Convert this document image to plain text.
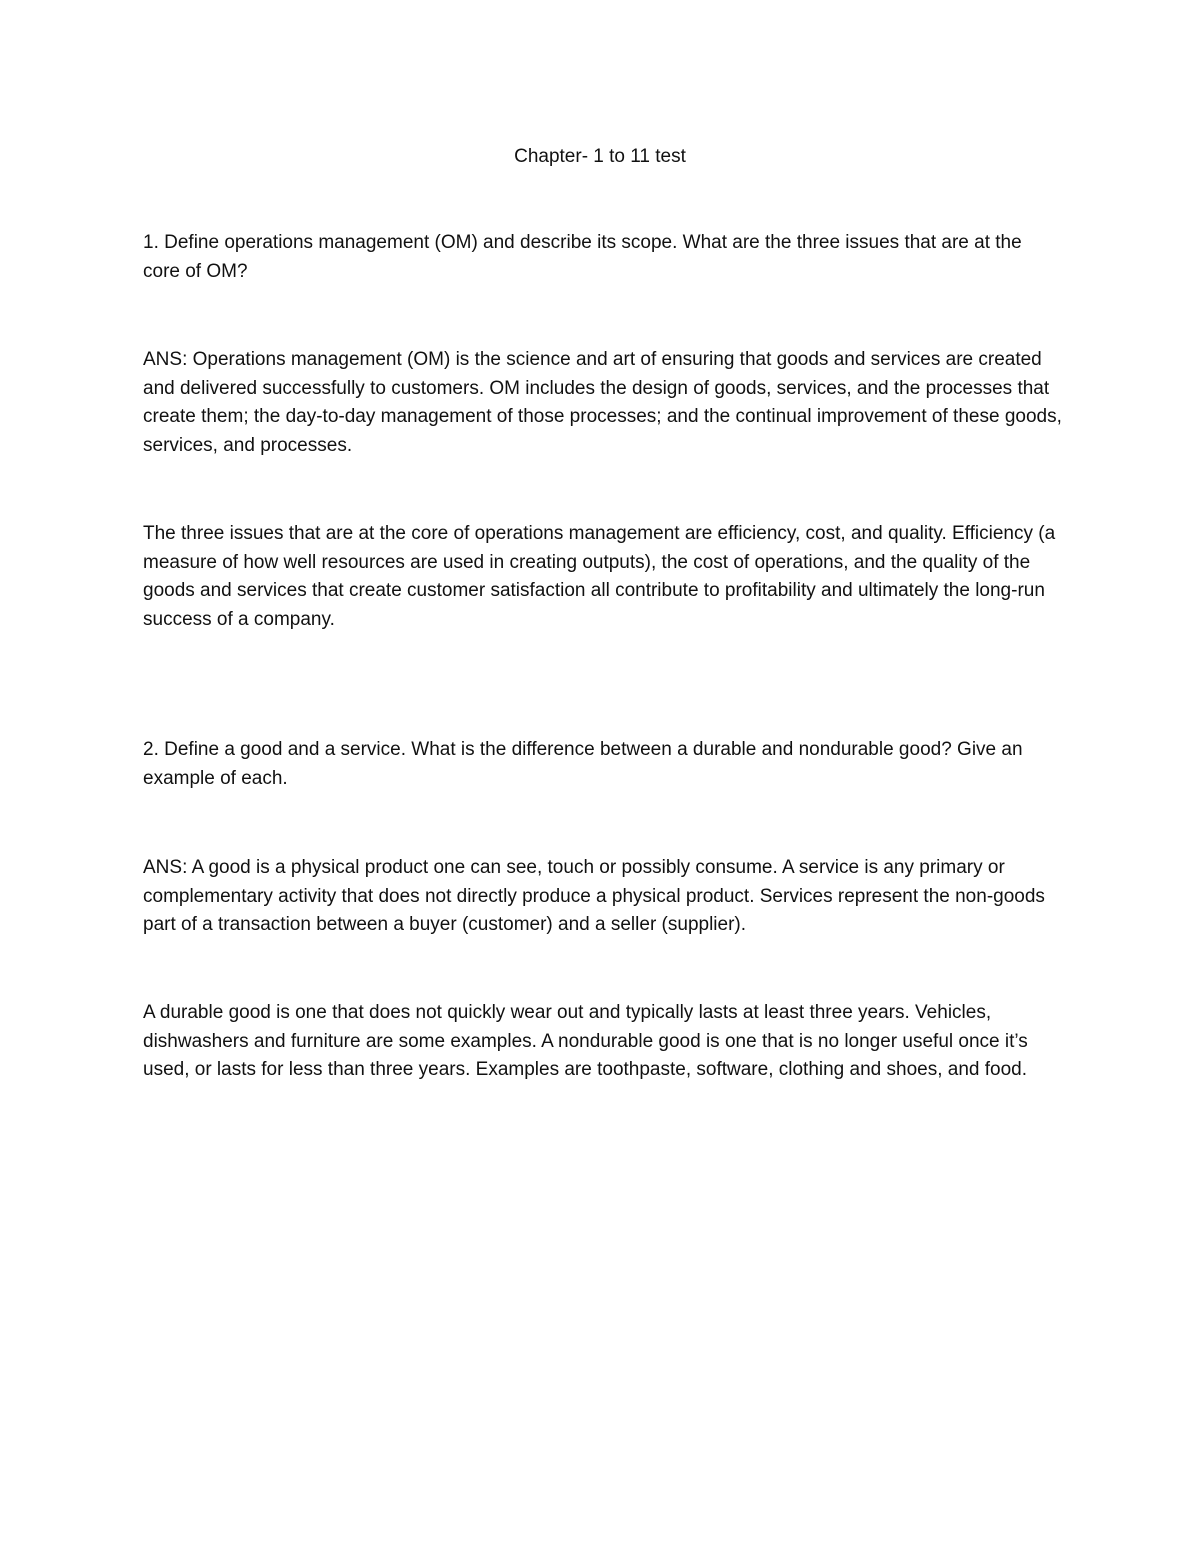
Chapter- 1 to 11 test

1. Define operations management (OM) and describe its scope. What are the three issues that are at the core of OM?

ANS: Operations management (OM) is the science and art of ensuring that goods and services are created and delivered successfully to customers. OM includes the design of goods, services, and the processes that create them; the day-to-day management of those processes; and the continual improvement of these goods, services, and processes.

The three issues that are at the core of operations management are efficiency, cost, and quality. Efficiency (a measure of how well resources are used in creating outputs), the cost of operations, and the quality of the goods and services that create customer satisfaction all contribute to profitability and ultimately the long-run success of a company.

2. Define a good and a service. What is the difference between a durable and nondurable good? Give an example of each.

ANS: A good is a physical product one can see, touch or possibly consume. A service is any primary or complementary activity that does not directly produce a physical product. Services represent the non-goods part of a transaction between a buyer (customer) and a seller (supplier).

A durable good is one that does not quickly wear out and typically lasts at least three years. Vehicles, dishwashers and furniture are some examples. A nondurable good is one that is no longer useful once it’s used, or lasts for less than three years. Examples are toothpaste, software, clothing and shoes, and food.
